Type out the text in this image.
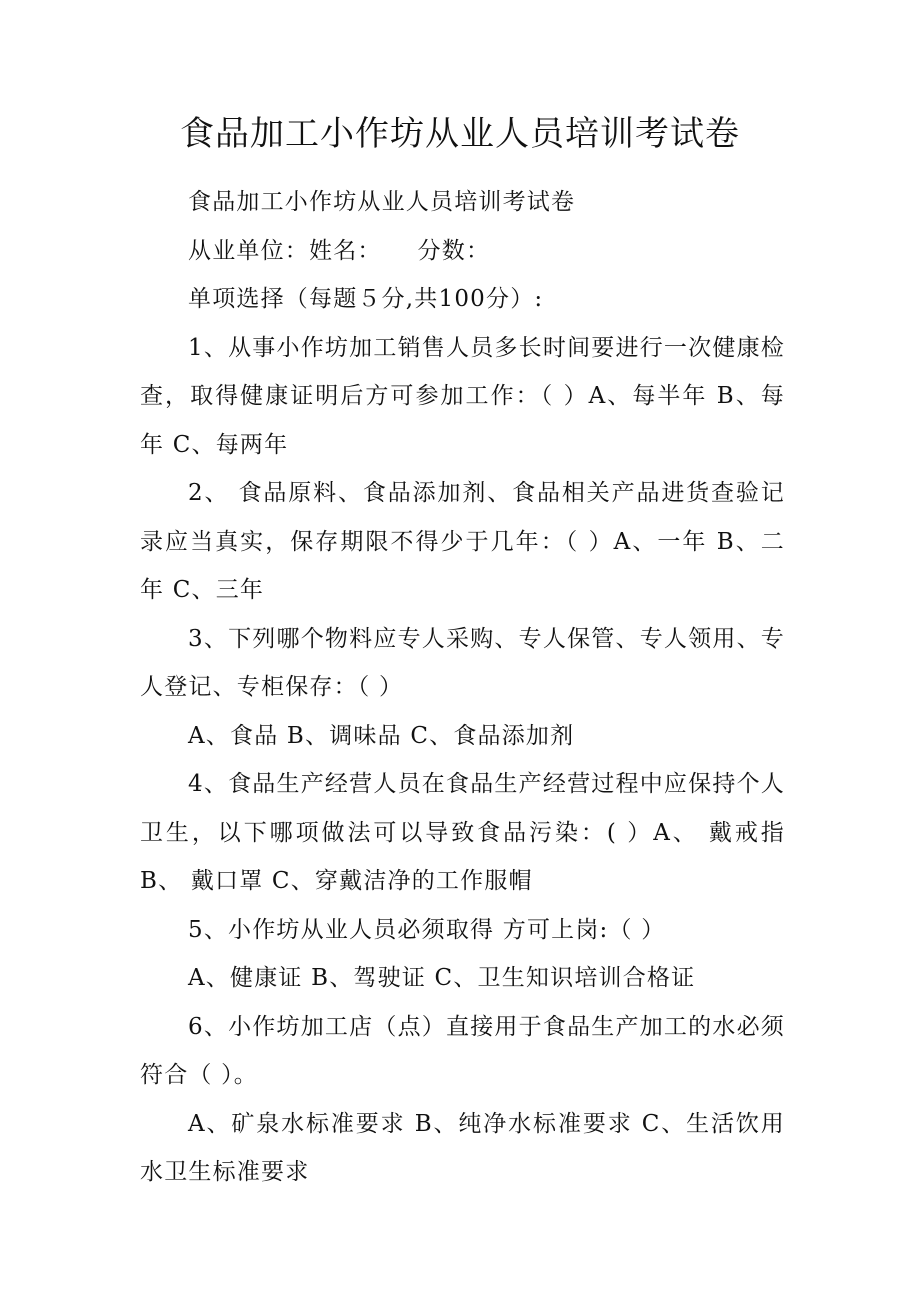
食品加工小作坊从业人员培训考试卷

食品加工小作坊从业人员培训考试卷

从业单位：姓名： 分数：

单项选择（每题５分,共100分）:

1、从事小作坊加工销售人员多长时间要进行一次健康检查，取得健康证明后方可参加工作：（ ）A、每半年 B、每年 C、每两年

2、 食品原料、食品添加剂、食品相关产品进货查验记录应当真实，保存期限不得少于几年：（ ）A、一年 B、二年 C、三年

3、下列哪个物料应专人采购、专人保管、专人领用、专人登记、专柜保存：（ ）

A、食品 B、调味品 C、食品添加剂

4、食品生产经营人员在食品生产经营过程中应保持个人卫生，以下哪项做法可以导致食品污染：( ）A、 戴戒指 B、 戴口罩 C、穿戴洁净的工作服帽

5、小作坊从业人员必须取得 方可上岗:（ ）

A、健康证 B、驾驶证 C、卫生知识培训合格证

6、小作坊加工店（点）直接用于食品生产加工的水必须符合（ ）。

A、矿泉水标准要求 B、纯净水标准要求 C、生活饮用水卫生标准要求
